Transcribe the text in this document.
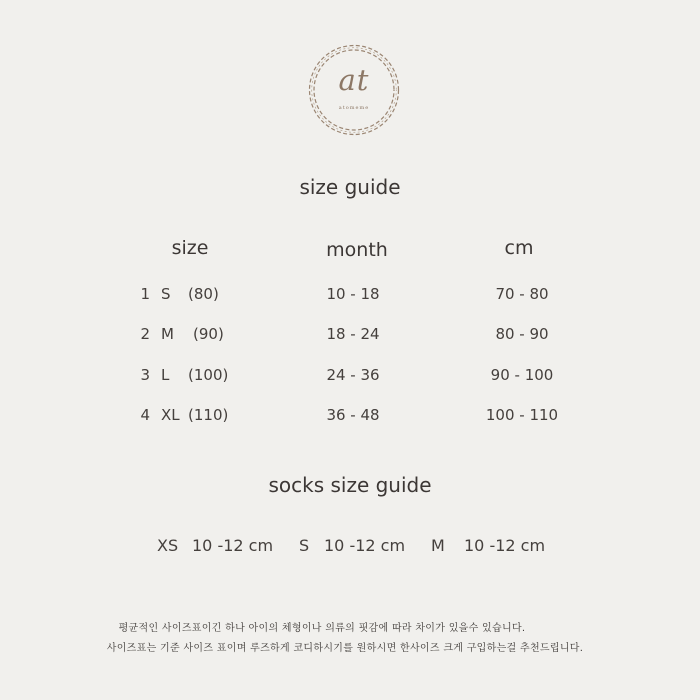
at
atomeme
size guide
size	month	cm
1 S (80)	10 - 18	70 - 80
2 M (90)	18 - 24	80 - 90
3 L (100)	24 - 36	90 - 100
4 XL (110)	36 - 48	100 - 110
socks size guide
XS 10 -12 cm S 10 -12 cm M 10 -12 cm
평균적인 사이즈표이긴 하나 아이의 체형이나 의류의 핏감에 따라 차이가 있을수 있습니다.
사이즈표는 기준 사이즈 표이며 루즈하게 코디하시기를 원하시면 한사이즈 크게 구입하는걸 추천드립니다.
